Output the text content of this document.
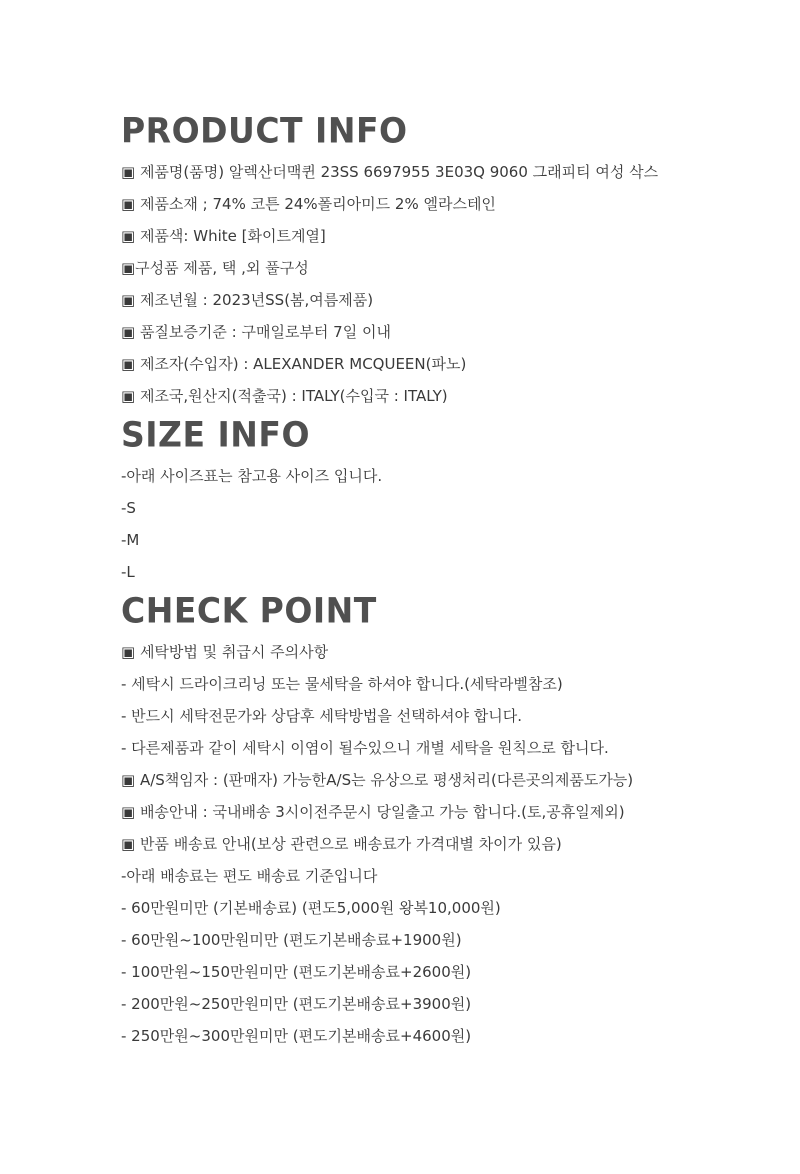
PRODUCT INFO
▣ 제품명(품명) 알렉산더맥퀸 23SS 6697955 3E03Q 9060 그래피티 여성 삭스
▣ 제품소재 ; 74% 코튼 24%폴리아미드 2% 엘라스테인
▣ 제품색: White [화이트계열]
▣구성품 제품, 택 ,외 풀구성
▣ 제조년월 : 2023년SS(봄,여름제품)
▣ 품질보증기준 : 구매일로부터 7일 이내
▣ 제조자(수입자) : ALEXANDER MCQUEEN(파노)
▣ 제조국,원산지(적출국) : ITALY(수입국 : ITALY)
SIZE INFO
-아래 사이즈표는 참고용 사이즈 입니다.
-S
-M
-L
CHECK POINT
▣ 세탁방법 및 취급시 주의사항
- 세탁시 드라이크리닝 또는 물세탁을 하셔야 합니다.(세탁라벨참조)
- 반드시 세탁전문가와 상담후 세탁방법을 선택하셔야 합니다.
- 다른제품과 같이 세탁시 이염이 될수있으니 개별 세탁을 원칙으로 합니다.
▣ A/S책임자 : (판매자) 가능한A/S는 유상으로 평생처리(다른곳의제품도가능)
▣ 배송안내 : 국내배송 3시이전주문시 당일출고 가능 합니다.(토,공휴일제외)
▣ 반품 배송료 안내(보상 관련으로 배송료가 가격대별 차이가 있음)
-아래 배송료는 편도 배송료 기준입니다
- 60만원미만 (기본배송료) (편도5,000원 왕복10,000원)
- 60만원~100만원미만 (편도기본배송료+1900원)
- 100만원~150만원미만 (편도기본배송료+2600원)
- 200만원~250만원미만 (편도기본배송료+3900원)
- 250만원~300만원미만 (편도기본배송료+4600원)
